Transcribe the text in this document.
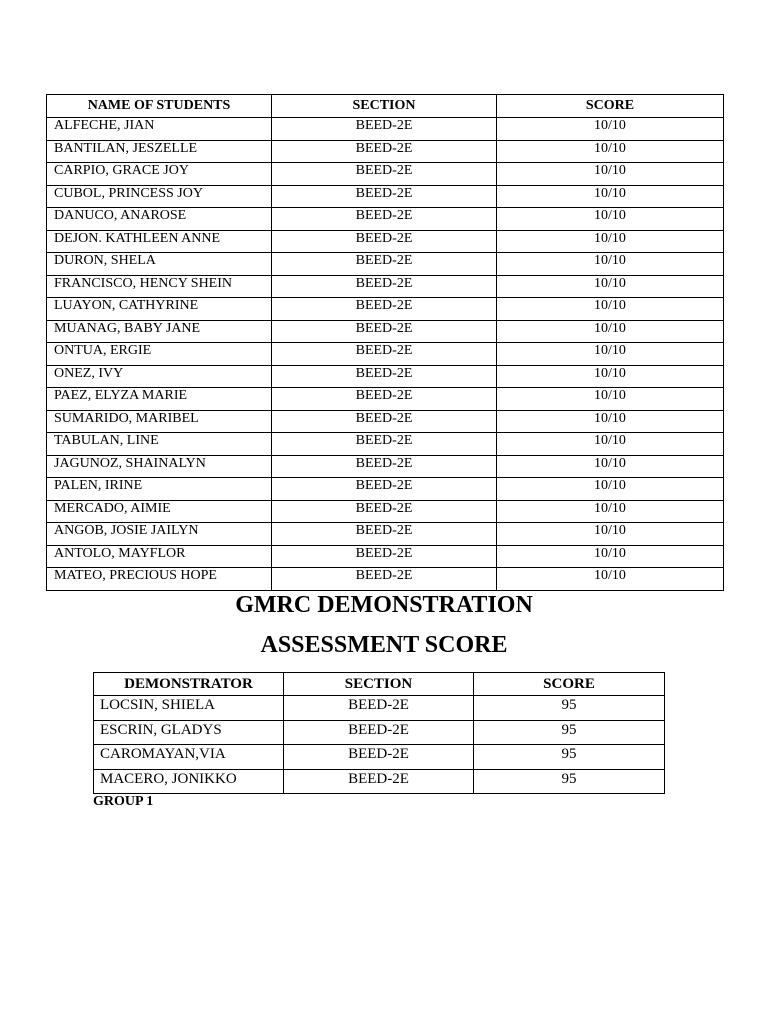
NAME OF STUDENTS	SECTION	SCORE
ALFECHE, JIAN	BEED-2E	10/10
BANTILAN, JESZELLE	BEED-2E	10/10
CARPIO, GRACE JOY	BEED-2E	10/10
CUBOL, PRINCESS JOY	BEED-2E	10/10
DANUCO, ANAROSE	BEED-2E	10/10
DEJON. KATHLEEN ANNE	BEED-2E	10/10
DURON, SHELA	BEED-2E	10/10
FRANCISCO, HENCY SHEIN	BEED-2E	10/10
LUAYON, CATHYRINE	BEED-2E	10/10
MUANAG, BABY JANE	BEED-2E	10/10
ONTUA, ERGIE	BEED-2E	10/10
ONEZ, IVY	BEED-2E	10/10
PAEZ, ELYZA MARIE	BEED-2E	10/10
SUMARIDO, MARIBEL	BEED-2E	10/10
TABULAN, LINE	BEED-2E	10/10
JAGUNOZ, SHAINALYN	BEED-2E	10/10
PALEN, IRINE	BEED-2E	10/10
MERCADO, AIMIE	BEED-2E	10/10
ANGOB, JOSIE JAILYN	BEED-2E	10/10
ANTOLO, MAYFLOR	BEED-2E	10/10
MATEO, PRECIOUS HOPE	BEED-2E	10/10
GMRC DEMONSTRATION
ASSESSMENT SCORE
DEMONSTRATOR	SECTION	SCORE
LOCSIN, SHIELA	BEED-2E	95
ESCRIN, GLADYS	BEED-2E	95
CAROMAYAN,VIA	BEED-2E	95
MACERO, JONIKKO	BEED-2E	95

GROUP 1
